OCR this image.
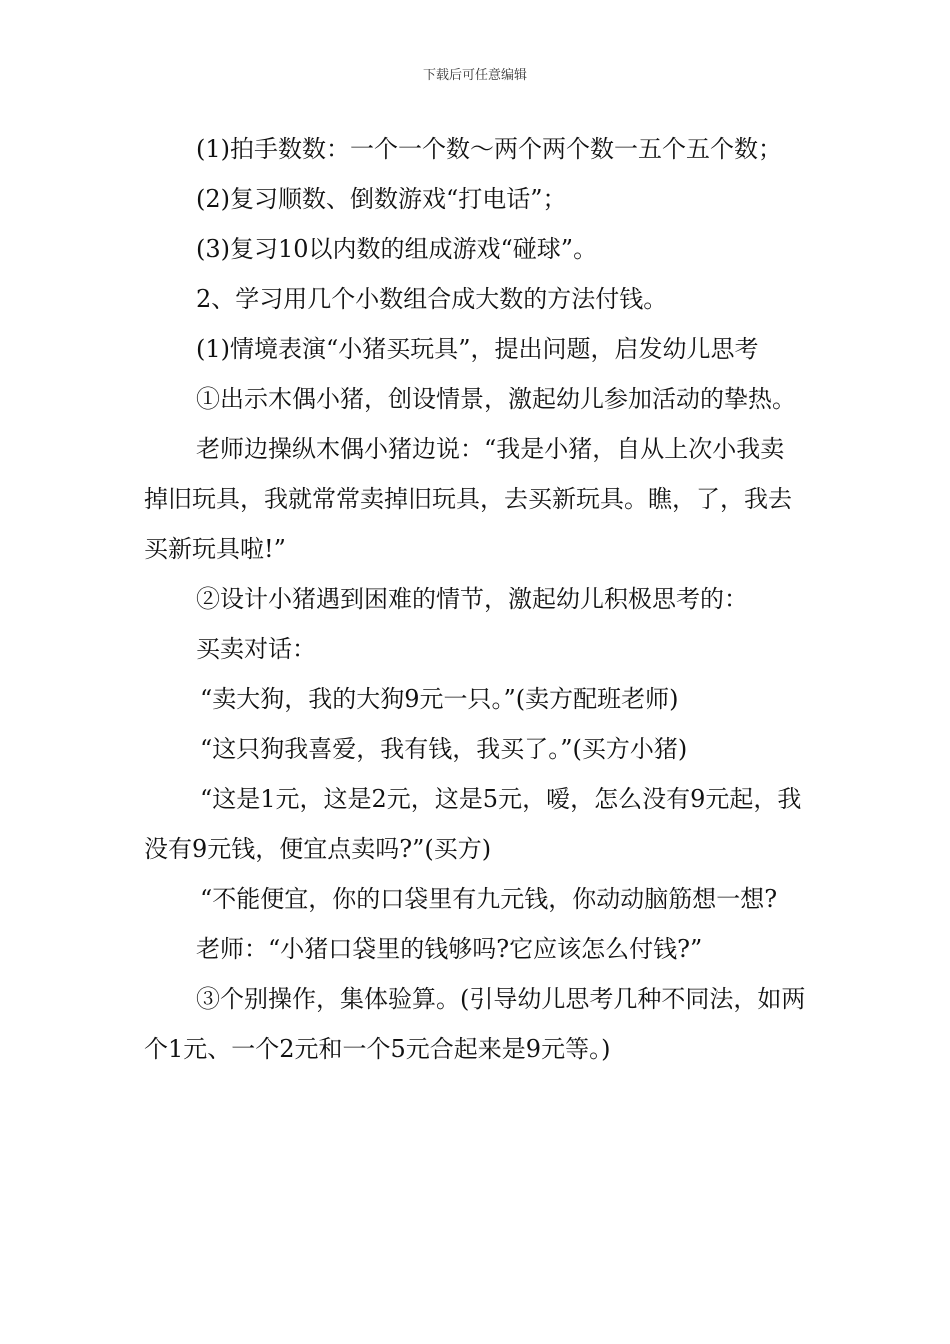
下载后可任意编辑

(1)拍手数数：一个一个数～两个两个数一五个五个数；

(2)复习顺数、倒数游戏“打电话”；

(3)复习10以内数的组成游戏“碰球”。

2、学习用几个小数组合成大数的方法付钱。

(1)情境表演“小猪买玩具”，提出问题，启发幼儿思考

①出示木偶小猪，创设情景，激起幼儿参加活动的挚热。

老师边操纵木偶小猪边说：“我是小猪，自从上次小我卖掉旧玩具，我就常常卖掉旧玩具，去买新玩具。瞧，了，我去买新玩具啦!”

②设计小猪遇到困难的情节，激起幼儿积极思考的：

买卖对话：

“卖大狗，我的大狗9元一只。”(卖方配班老师)

“这只狗我喜爱，我有钱，我买了。”(买方小猪)

“这是1元，这是2元，这是5元，嗳，怎么没有9元起，我没有9元钱，便宜点卖吗?”(买方)

“不能便宜，你的口袋里有九元钱，你动动脑筋想一想?

老师：“小猪口袋里的钱够吗?它应该怎么付钱?”

③个别操作，集体验算。(引导幼儿思考几种不同法，如两个1元、一个2元和一个5元合起来是9元等。)
